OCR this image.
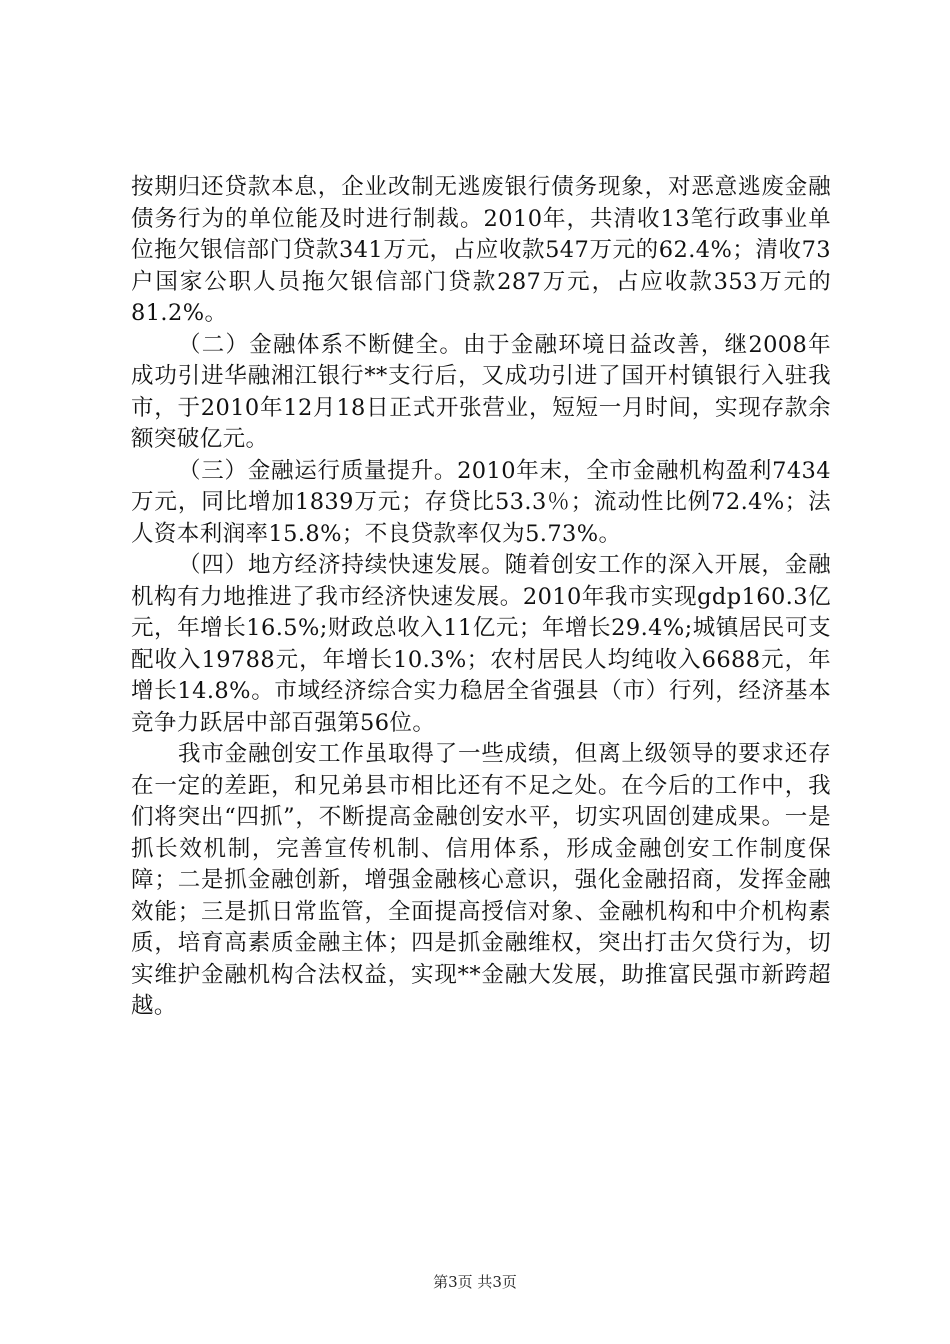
按期归还贷款本息，企业改制无逃废银行债务现象，对恶意逃废金融债务行为的单位能及时进行制裁。2010年，共清收13笔行政事业单位拖欠银信部门贷款341万元，占应收款547万元的62.4%；清收73户国家公职人员拖欠银信部门贷款287万元，占应收款353万元的81.2%。

（二）金融体系不断健全。由于金融环境日益改善，继2008年成功引进华融湘江银行**支行后，又成功引进了国开村镇银行入驻我市，于2010年12月18日正式开张营业，短短一月时间，实现存款余额突破亿元。

（三）金融运行质量提升。2010年末，全市金融机构盈利7434万元，同比增加1839万元；存贷比53.3％；流动性比例72.4%；法人资本利润率15.8%；不良贷款率仅为5.73%。

（四）地方经济持续快速发展。随着创安工作的深入开展，金融机构有力地推进了我市经济快速发展。2010年我市实现gdp160.3亿元，年增长16.5%;财政总收入11亿元；年增长29.4%;城镇居民可支配收入19788元，年增长10.3%；农村居民人均纯收入6688元，年增长14.8%。市域经济综合实力稳居全省强县（市）行列，经济基本竞争力跃居中部百强第56位。

我市金融创安工作虽取得了一些成绩，但离上级领导的要求还存在一定的差距，和兄弟县市相比还有不足之处。在今后的工作中，我们将突出“四抓”，不断提高金融创安水平，切实巩固创建成果。一是抓长效机制，完善宣传机制、信用体系，形成金融创安工作制度保障；二是抓金融创新，增强金融核心意识，强化金融招商，发挥金融效能；三是抓日常监管，全面提高授信对象、金融机构和中介机构素质，培育高素质金融主体；四是抓金融维权，突出打击欠贷行为，切实维护金融机构合法权益，实现**金融大发展，助推富民强市新跨超越。

第3页 共3页
